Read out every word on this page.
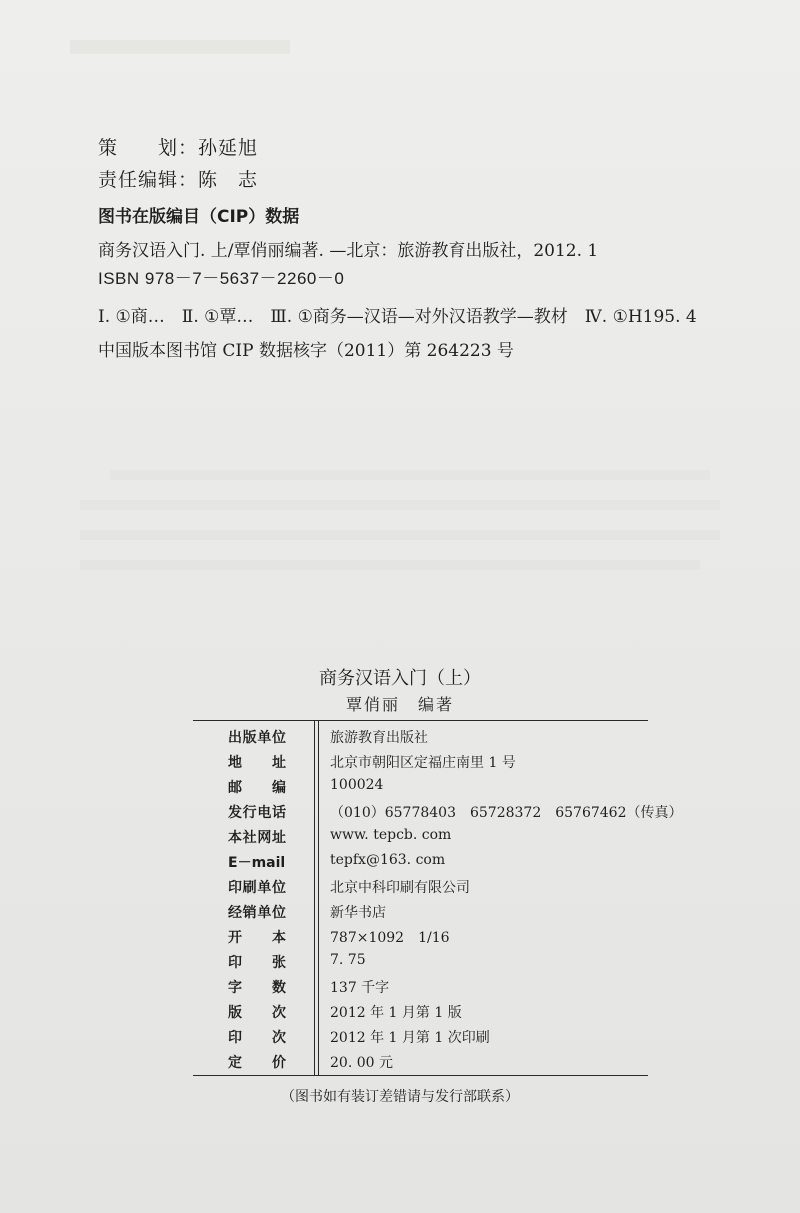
策　　划：孙延旭
责任编辑：陈　志
图书在版编目（CIP）数据
商务汉语入门. 上/覃俏丽编著. —北京：旅游教育出版社，2012. 1
ISBN 978－7－5637－2260－0
Ⅰ. ①商…　Ⅱ. ①覃…　Ⅲ. ①商务—汉语—对外汉语教学—教材　Ⅳ. ①H195. 4
中国版本图书馆 CIP 数据核字（2011）第 264223 号
商务汉语入门（上）
覃俏丽　编著
出版单位	旅游教育出版社
地址	北京市朝阳区定福庄南里 1 号
邮编	100024
发行电话	（010）65778403　65728372　65767462（传真）
本社网址	www. tepcb. com
E－mail	tepfx@163. com
印刷单位	北京中科印刷有限公司
经销单位	新华书店
开本	787×1092　1/16
印张	7. 75
字数	137 千字
版次	2012 年 1 月第 1 版
印次	2012 年 1 月第 1 次印刷
定价	20. 00 元
（图书如有装订差错请与发行部联系）
